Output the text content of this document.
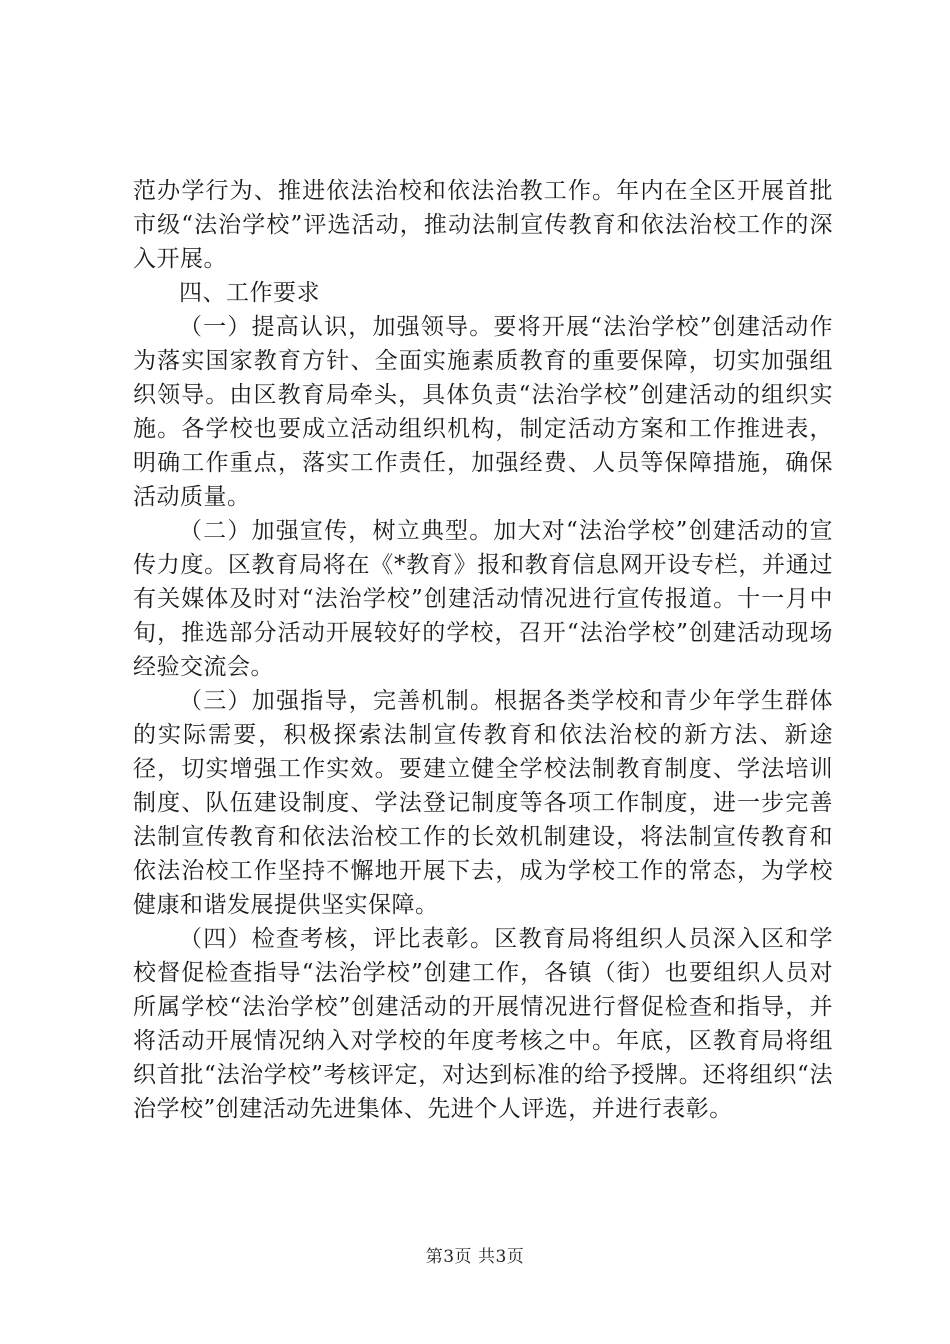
范办学行为、推进依法治校和依法治教工作。年内在全区开展首批市级“法治学校”评选活动，推动法制宣传教育和依法治校工作的深入开展。

四、工作要求

（一）提高认识，加强领导。要将开展“法治学校”创建活动作为落实国家教育方针、全面实施素质教育的重要保障，切实加强组织领导。由区教育局牵头，具体负责“法治学校”创建活动的组织实施。各学校也要成立活动组织机构，制定活动方案和工作推进表，明确工作重点，落实工作责任，加强经费、人员等保障措施，确保活动质量。

（二）加强宣传，树立典型。加大对“法治学校”创建活动的宣传力度。区教育局将在《*教育》报和教育信息网开设专栏，并通过有关媒体及时对“法治学校”创建活动情况进行宣传报道。十一月中旬，推选部分活动开展较好的学校，召开“法治学校”创建活动现场经验交流会。

（三）加强指导，完善机制。根据各类学校和青少年学生群体的实际需要，积极探索法制宣传教育和依法治校的新方法、新途径，切实增强工作实效。要建立健全学校法制教育制度、学法培训制度、队伍建设制度、学法登记制度等各项工作制度，进一步完善法制宣传教育和依法治校工作的长效机制建设，将法制宣传教育和依法治校工作坚持不懈地开展下去，成为学校工作的常态，为学校健康和谐发展提供坚实保障。

（四）检查考核，评比表彰。区教育局将组织人员深入区和学校督促检查指导“法治学校”创建工作，各镇（街）也要组织人员对所属学校“法治学校”创建活动的开展情况进行督促检查和指导，并将活动开展情况纳入对学校的年度考核之中。年底，区教育局将组织首批“法治学校”考核评定，对达到标准的给予授牌。还将组织“法治学校”创建活动先进集体、先进个人评选，并进行表彰。

第3页 共3页
